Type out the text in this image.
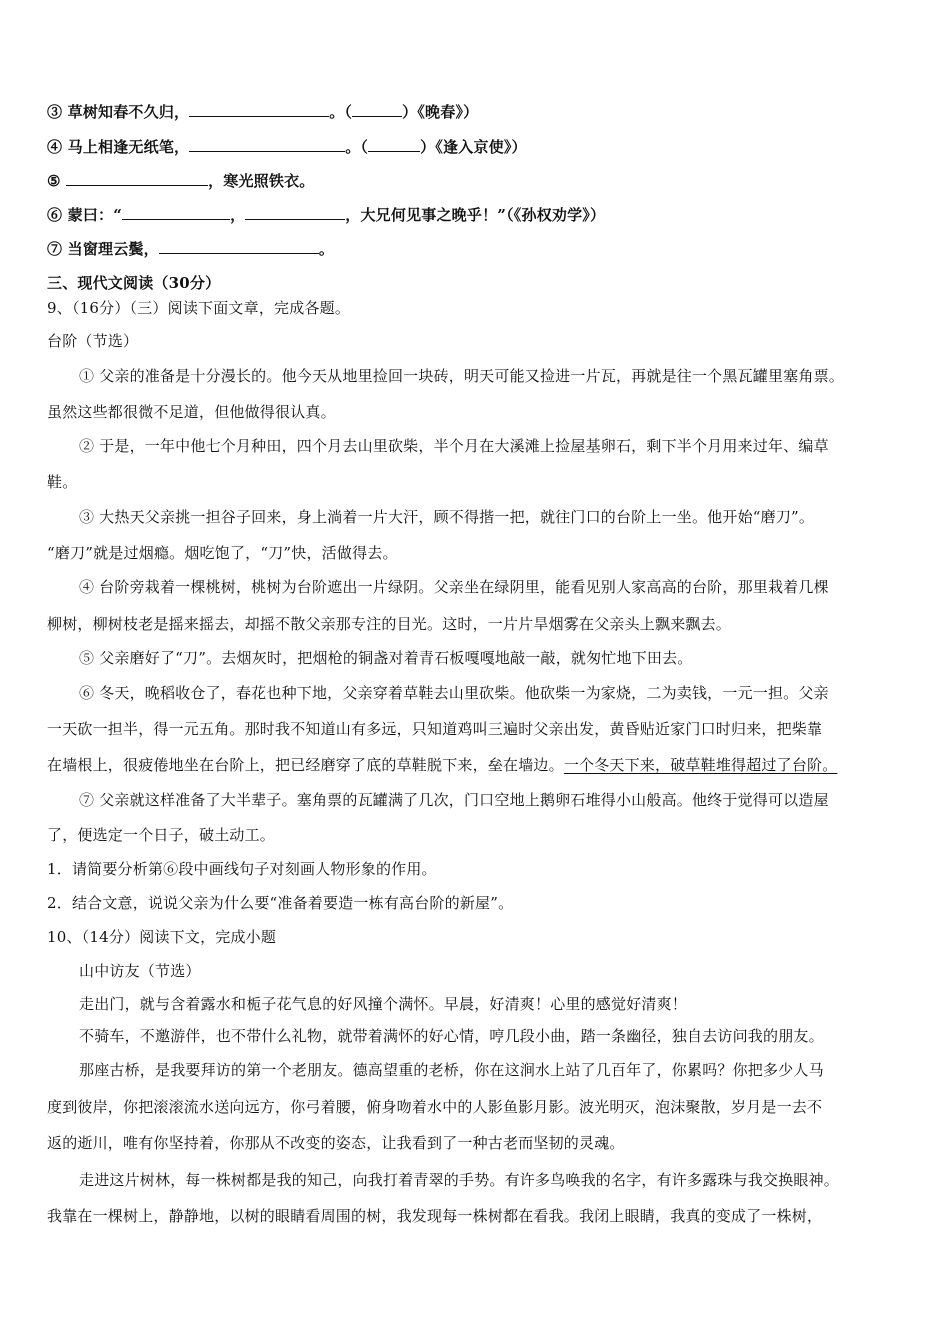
③ 草树知春不久归，	。（	）《晚春》）
④ 马上相逢无纸笔，	。（	）《逢入京使》）
⑤	，寒光照铁衣。
⑥ 蒙曰：“	，	，大兄何见事之晚乎！”（《孙权劝学》）
⑦ 当窗理云鬓，	。
三、现代文阅读（30分）
9、（16分）（三）阅读下面文章，完成各题。
台阶（节选）
① 父亲的准备是十分漫长的。他今天从地里捡回一块砖，明天可能又捡进一片瓦，再就是往一个黑瓦罐里塞角票。
虽然这些都很微不足道，但他做得很认真。
② 于是，一年中他七个月种田，四个月去山里砍柴，半个月在大溪滩上捡屋基卵石，剩下半个月用来过年、编草
鞋。
③ 大热天父亲挑一担谷子回来，身上淌着一片大汗，顾不得揩一把，就往门口的台阶上一坐。他开始“磨刀”。
“磨刀”就是过烟瘾。烟吃饱了，“刀”快，活做得去。
④ 台阶旁栽着一棵桃树，桃树为台阶遮出一片绿阴。父亲坐在绿阴里，能看见别人家高高的台阶，那里栽着几棵
柳树，柳树枝老是摇来摇去，却摇不散父亲那专注的目光。这时，一片片旱烟雾在父亲头上飘来飘去。
⑤ 父亲磨好了“刀”。去烟灰时，把烟枪的铜盏对着青石板嘎嘎地敲一敲，就匆忙地下田去。
⑥ 冬天，晚稻收仓了，春花也种下地，父亲穿着草鞋去山里砍柴。他砍柴一为家烧，二为卖钱，一元一担。父亲
一天砍一担半，得一元五角。那时我不知道山有多远，只知道鸡叫三遍时父亲出发，黄昏贴近家门口时归来，把柴靠
在墙根上，很疲倦地坐在台阶上，把已经磨穿了底的草鞋脱下来，垒在墙边。一个冬天下来，破草鞋堆得超过了台阶。
⑦ 父亲就这样准备了大半辈子。塞角票的瓦罐满了几次，门口空地上鹅卵石堆得小山般高。他终于觉得可以造屋
了，便选定一个日子，破土动工。
1．请简要分析第⑥段中画线句子对刻画人物形象的作用。
2．结合文意，说说父亲为什么要“准备着要造一栋有高台阶的新屋”。
10、（14分）阅读下文，完成小题
山中访友（节选）
走出门，就与含着露水和栀子花气息的好风撞个满怀。早晨，好清爽！心里的感觉好清爽！
不骑车，不邀游伴，也不带什么礼物，就带着满怀的好心情，哼几段小曲，踏一条幽径，独自去访问我的朋友。
那座古桥，是我要拜访的第一个老朋友。德高望重的老桥，你在这涧水上站了几百年了，你累吗？你把多少人马
度到彼岸，你把滚滚流水送向远方，你弓着腰，俯身吻着水中的人影鱼影月影。波光明灭，泡沫聚散，岁月是一去不
返的逝川，唯有你坚持着，你那从不改变的姿态，让我看到了一种古老而坚韧的灵魂。
走进这片树林，每一株树都是我的知己，向我打着青翠的手势。有许多鸟唤我的名字，有许多露珠与我交换眼神。
我靠在一棵树上，静静地，以树的眼睛看周围的树，我发现每一株树都在看我。我闭上眼睛，我真的变成了一株树，
